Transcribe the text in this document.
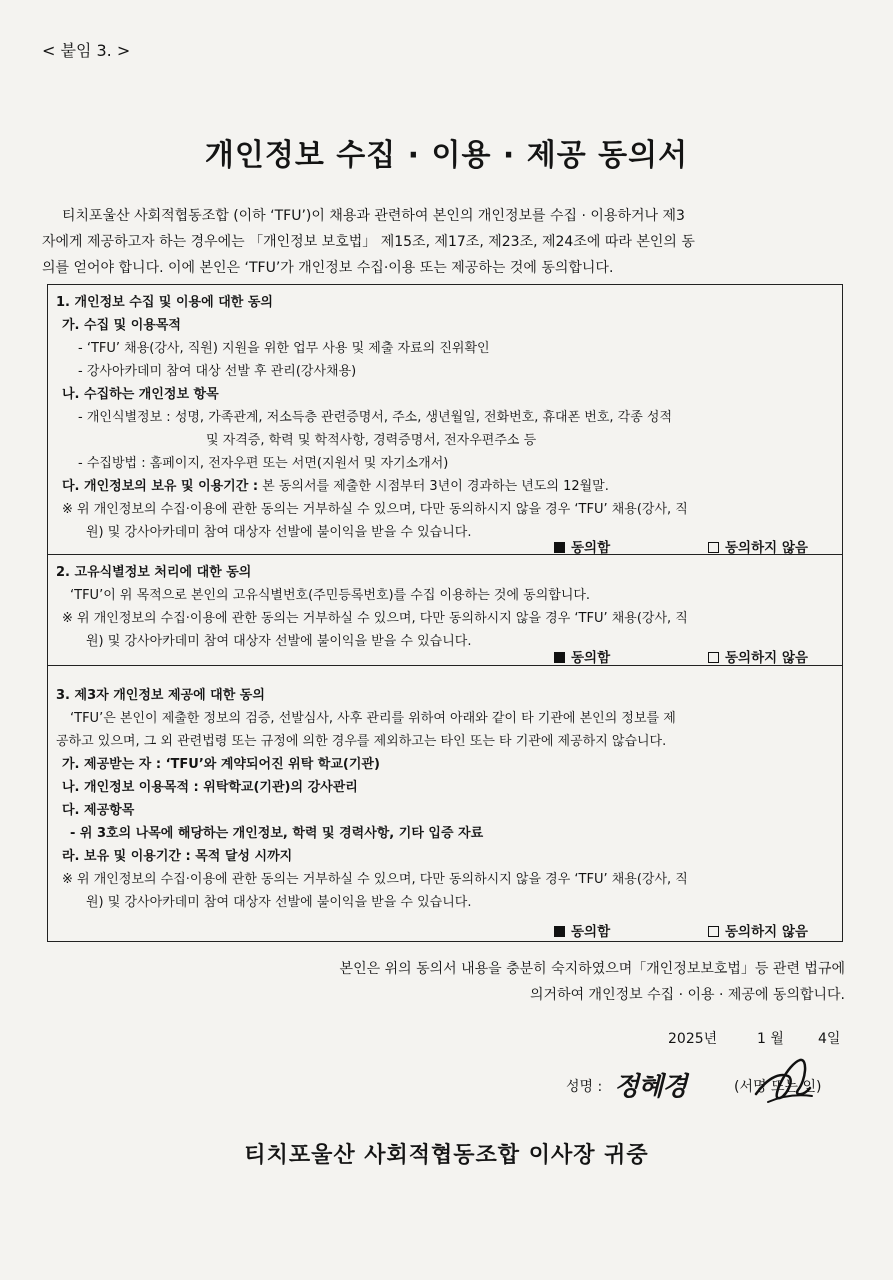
< 붙임 3. >
개인정보 수집 · 이용 · 제공 동의서
티치포울산 사회적협동조합 (이하 ‘TFU’)이 채용과 관련하여 본인의 개인정보를 수집 · 이용하거나 제3
자에게 제공하고자 하는 경우에는 「개인정보 보호법」 제15조, 제17조, 제23조, 제24조에 따라 본인의 동
의를 얻어야 합니다. 이에 본인은 ‘TFU’가 개인정보 수집·이용 또는 제공하는 것에 동의합니다.
1. 개인정보 수집 및 이용에 대한 동의
가. 수집 및 이용목적
- ‘TFU’ 채용(강사, 직원) 지원을 위한 업무 사용 및 제출 자료의 진위확인
- 강사아카데미 참여 대상 선발 후 관리(강사채용)
나. 수집하는 개인정보 항목
- 개인식별정보 : 성명, 가족관계, 저소득층 관련증명서, 주소, 생년월일, 전화번호, 휴대폰 번호, 각종 성적
및 자격증, 학력 및 학적사항, 경력증명서, 전자우편주소 등
- 수집방법 : 홈페이지, 전자우편 또는 서면(지원서 및 자기소개서)
다. 개인정보의 보유 및 이용기간 : 본 동의서를 제출한 시점부터 3년이 경과하는 년도의 12월말.
※ 위 개인정보의 수집·이용에 관한 동의는 거부하실 수 있으며, 다만 동의하시지 않을 경우 ‘TFU’ 채용(강사, 직
원) 및 강사아카데미 참여 대상자 선발에 불이익을 받을 수 있습니다.
동의함	동의하지 않음
2. 고유식별정보 처리에 대한 동의
‘TFU’이 위 목적으로 본인의 고유식별번호(주민등록번호)를 수집 이용하는 것에 동의합니다.
※ 위 개인정보의 수집·이용에 관한 동의는 거부하실 수 있으며, 다만 동의하시지 않을 경우 ‘TFU’ 채용(강사, 직
원) 및 강사아카데미 참여 대상자 선발에 불이익을 받을 수 있습니다.
동의함	동의하지 않음
3. 제3자 개인정보 제공에 대한 동의
‘TFU’은 본인이 제출한 정보의 검증, 선발심사, 사후 관리를 위하여 아래와 같이 타 기관에 본인의 정보를 제
공하고 있으며, 그 외 관련법령 또는 규정에 의한 경우를 제외하고는 타인 또는 타 기관에 제공하지 않습니다.
가. 제공받는 자 : ‘TFU’와 계약되어진 위탁 학교(기관)
나. 개인정보 이용목적 : 위탁학교(기관)의 강사관리
다. 제공항목
- 위 3호의 나목에 해당하는 개인정보, 학력 및 경력사항, 기타 입증 자료
라. 보유 및 이용기간 : 목적 달성 시까지
※ 위 개인정보의 수집·이용에 관한 동의는 거부하실 수 있으며, 다만 동의하시지 않을 경우 ‘TFU’ 채용(강사, 직
원) 및 강사아카데미 참여 대상자 선발에 불이익을 받을 수 있습니다.
동의함	동의하지 않음
본인은 위의 동의서 내용을 충분히 숙지하였으며「개인정보보호법」등 관련 법규에
의거하여 개인정보 수집 · 이용 · 제공에 동의합니다.
2025년	1 월 4일
성명 : 정혜경	(서명 또는 인)
티치포울산 사회적협동조합 이사장 귀중
